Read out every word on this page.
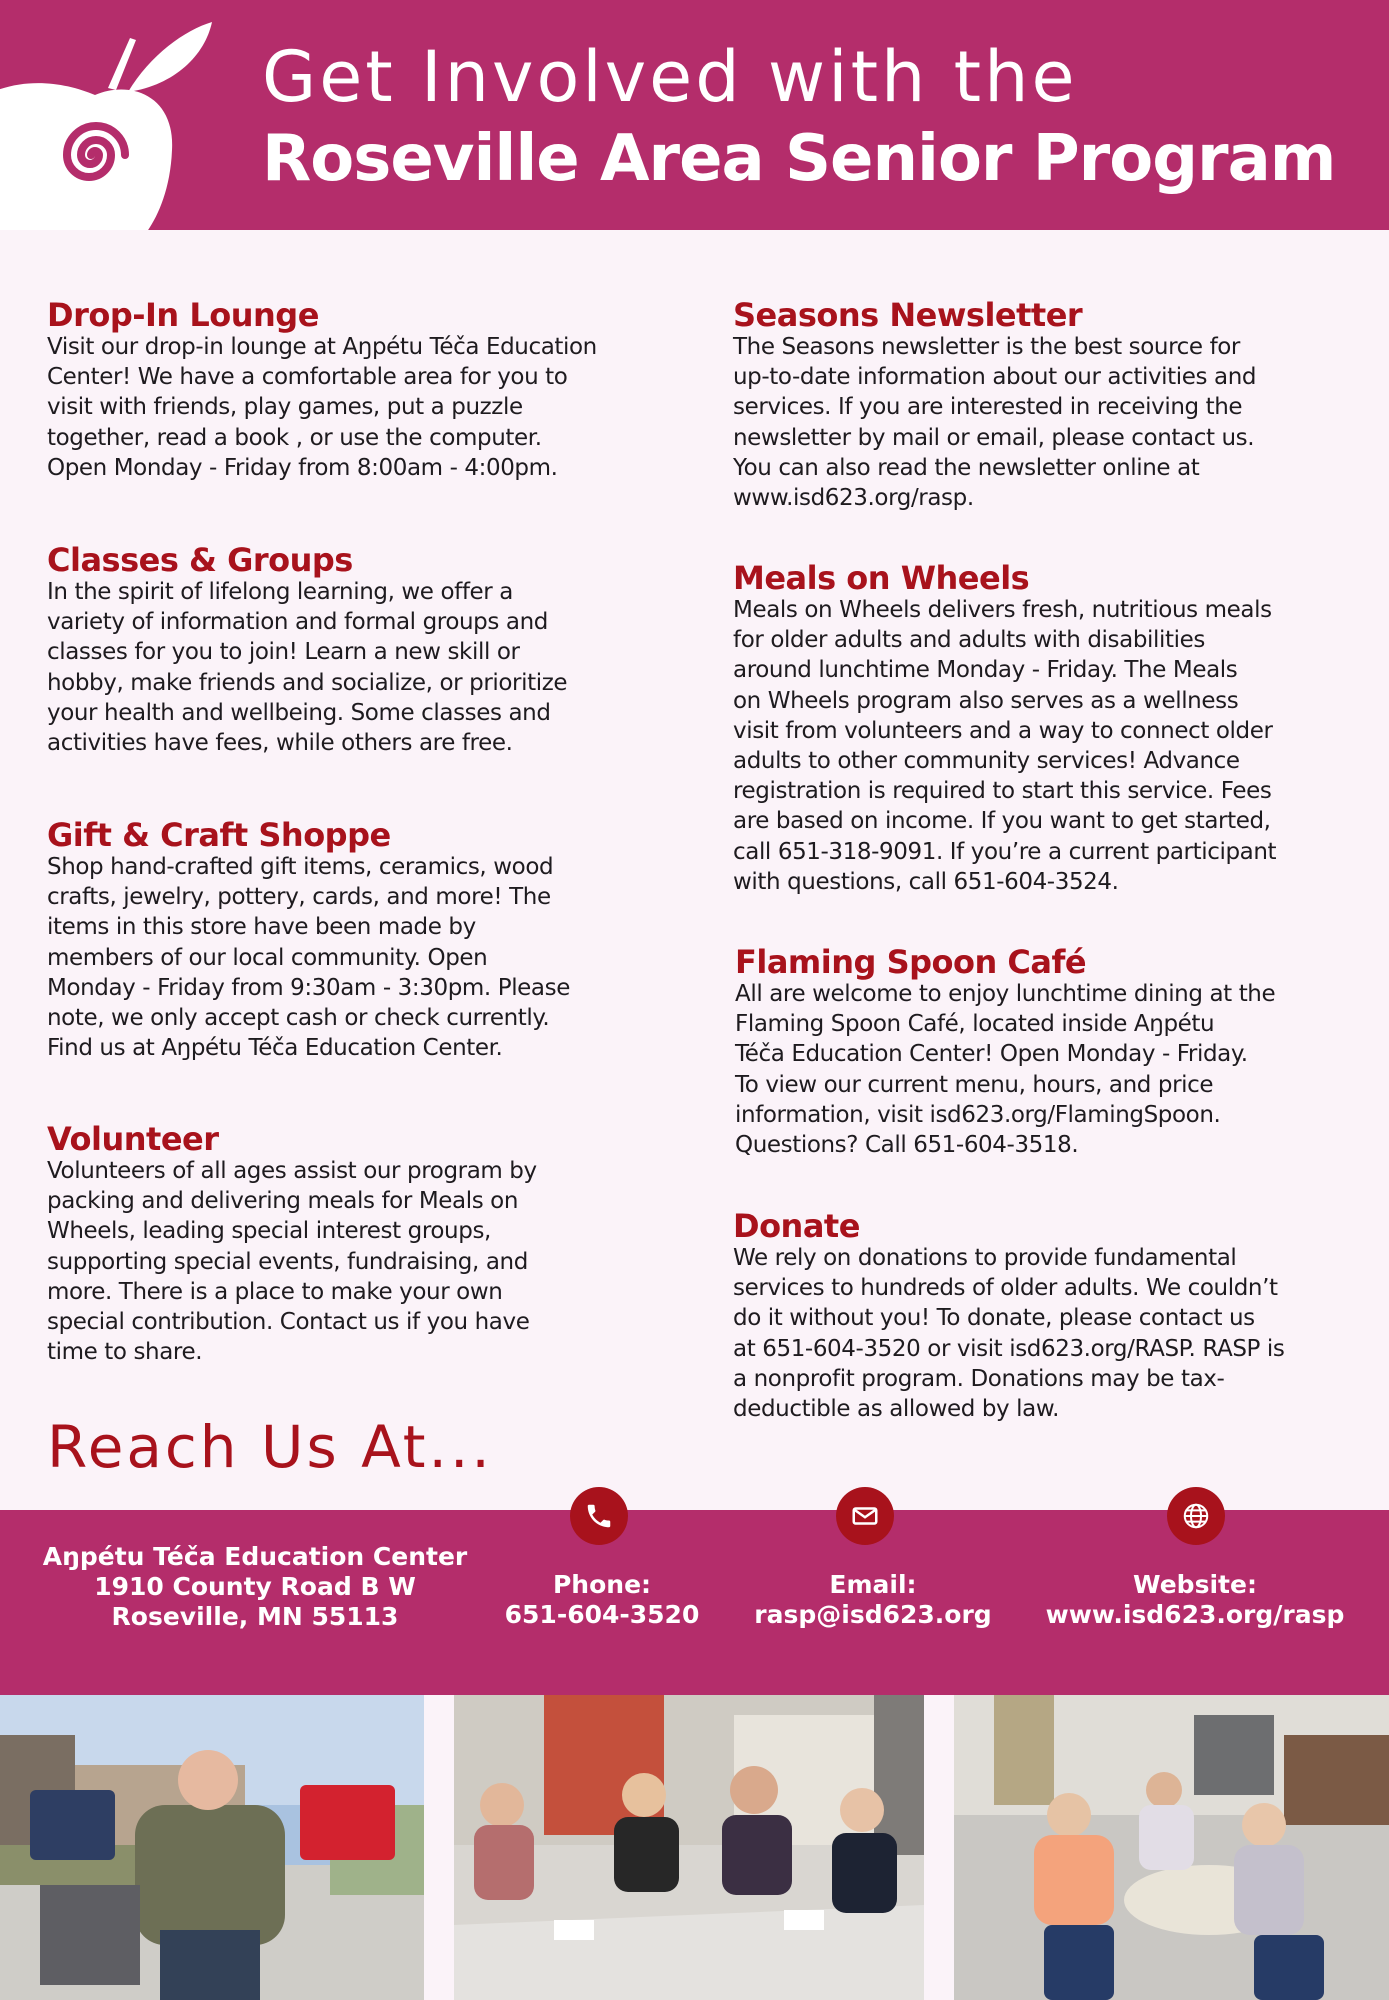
Get Involved with the
Roseville Area Senior Program
Drop-In Lounge

Visit our drop-in lounge at Aŋpétu Téča Education
Center! We have a comfortable area for you to
visit with friends, play games, put a puzzle
together, read a book , or use the computer.
Open Monday - Friday from 8:00am - 4:00pm.

Classes & Groups

In the spirit of lifelong learning, we offer a
variety of information and formal groups and
classes for you to join! Learn a new skill or
hobby, make friends and socialize, or prioritize
your health and wellbeing. Some classes and
activities have fees, while others are free.

Gift & Craft Shoppe

Shop hand-crafted gift items, ceramics, wood
crafts, jewelry, pottery, cards, and more! The
items in this store have been made by
members of our local community. Open
Monday - Friday from 9:30am - 3:30pm. Please
note, we only accept cash or check currently.
Find us at Aŋpétu Téča Education Center.

Volunteer

Volunteers of all ages assist our program by
packing and delivering meals for Meals on
Wheels, leading special interest groups,
supporting special events, fundraising, and
more. There is a place to make your own
special contribution. Contact us if you have
time to share.

Seasons Newsletter

The Seasons newsletter is the best source for
up-to-date information about our activities and
services. If you are interested in receiving the
newsletter by mail or email, please contact us.
You can also read the newsletter online at
www.isd623.org/rasp.

Meals on Wheels

Meals on Wheels delivers fresh, nutritious meals
for older adults and adults with disabilities
around lunchtime Monday - Friday. The Meals
on Wheels program also serves as a wellness
visit from volunteers and a way to connect older
adults to other community services! Advance
registration is required to start this service. Fees
are based on income. If you want to get started,
call 651-318-9091. If you’re a current participant
with questions, call 651-604-3524.

Flaming Spoon Café

All are welcome to enjoy lunchtime dining at the
Flaming Spoon Café, located inside Aŋpétu
Téča Education Center! Open Monday - Friday.
To view our current menu, hours, and price
information, visit isd623.org/FlamingSpoon.
Questions? Call 651-604-3518.

Donate

We rely on donations to provide fundamental
services to hundreds of older adults. We couldn’t
do it without you! To donate, please contact us
at 651-604-3520 or visit isd623.org/RASP. RASP is
a nonprofit program. Donations may be tax-
deductible as allowed by law.

Reach Us At...
Aŋpétu Téča Education Center
1910 County Road B W
Roseville, MN 55113
Phone:
651-604-3520
Email:
rasp@isd623.org
Website:
www.isd623.org/rasp
